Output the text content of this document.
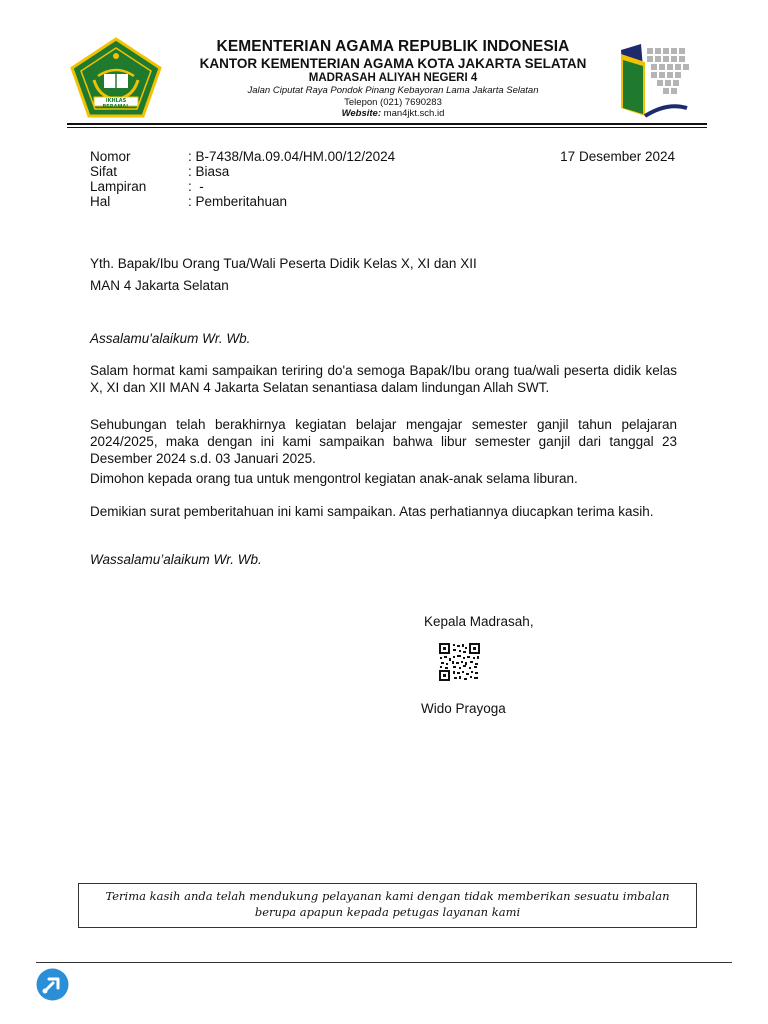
IKHLAS BERAMAL
KEMENTERIAN AGAMA REPUBLIK INDONESIA
KANTOR KEMENTERIAN AGAMA KOTA JAKARTA SELATAN
MADRASAH ALIYAH NEGERI 4
Jalan Ciputat Raya Pondok Pinang Kebayoran Lama Jakarta Selatan
Telepon (021) 7690283
Website: man4jkt.sch.id
Nomor	: B-7438/Ma.09.04/HM.00/12/2024
Sifat	: Biasa
Lampiran	:  -
Hal	: Pemberitahuan
17 Desember 2024
Yth. Bapak/Ibu Orang Tua/Wali Peserta Didik Kelas X, XI dan XII
MAN 4 Jakarta Selatan
Assalamu'alaikum Wr. Wb.
Salam hormat kami sampaikan teriring do'a semoga Bapak/Ibu orang tua/wali peserta didik kelas X, XI dan XII MAN 4 Jakarta Selatan senantiasa dalam lindungan Allah SWT.
Sehubungan telah berakhirnya kegiatan belajar mengajar semester ganjil tahun pelajaran 2024/2025, maka dengan ini kami sampaikan bahwa libur semester ganjil dari tanggal 23 Desember 2024 s.d. 03 Januari 2025.
Dimohon kepada orang tua untuk mengontrol kegiatan anak-anak selama liburan.
Demikian surat pemberitahuan ini kami sampaikan. Atas perhatiannya diucapkan terima kasih.
Wassalamu’alaikum Wr. Wb.
Kepala Madrasah,
Wido Prayoga
Terima kasih anda telah mendukung pelayanan kami dengan tidak memberikan sesuatu imbalan
berupa apapun kepada petugas layanan kami
